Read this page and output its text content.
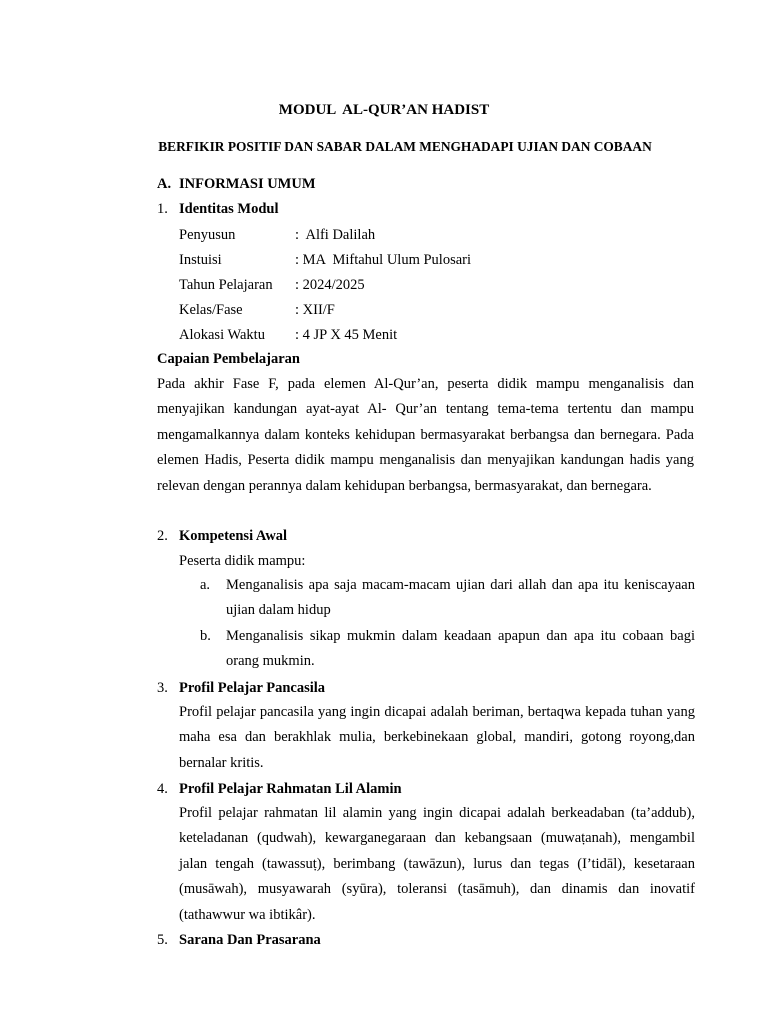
MODUL  AL-QUR’AN HADIST
BERFIKIR POSITIF DAN SABAR DALAM MENGHADAPI UJIAN DAN COBAAN
A. INFORMASI UMUM
1. Identitas Modul
Penyusun	:  Alfi Dalilah
Instuisi	: MA  Miftahul Ulum Pulosari
Tahun Pelajaran : 2024/2025
Kelas/Fase	: XII/F
Alokasi Waktu : 4 JP X 45 Menit
Capaian Pembelajaran

Pada akhir Fase F, pada elemen Al-Qur’an, peserta didik mampu menganalisis dan menyajikan kandungan ayat-ayat Al- Qur’an tentang tema-tema tertentu dan mampu mengamalkannya dalam konteks kehidupan bermasyarakat berbangsa dan bernegara. Pada elemen Hadis, Peserta didik mampu menganalisis dan menyajikan kandungan hadis yang relevan dengan perannya dalam kehidupan berbangsa, bermasyarakat, dan bernegara.

2. Kompetensi Awal
Peserta didik mampu:

a. Menganalisis apa saja macam-macam ujian dari allah dan apa itu keniscayaan ujian dalam hidup

b. Menganalisis sikap mukmin dalam keadaan apapun dan apa itu cobaan bagi orang mukmin.

3. Profil Pelajar Pancasila

Profil pelajar pancasila yang ingin dicapai adalah beriman, bertaqwa kepada tuhan yang maha esa dan berakhlak mulia, berkebinekaan global, mandiri, gotong royong,dan bernalar kritis.

4. Profil Pelajar Rahmatan Lil Alamin

Profil pelajar rahmatan lil alamin yang ingin dicapai adalah berkeadaban (ta’addub), keteladanan (qudwah), kewarganegaraan dan kebangsaan (muwaṭanah), mengambil jalan tengah (tawassuṭ), berimbang (tawāzun), lurus dan tegas (I’tidāl), kesetaraan (musāwah), musyawarah (syūra), toleransi (tasāmuh), dan dinamis dan inovatif (tathawwur wa ibtikâr).

5. Sarana Dan Prasarana
